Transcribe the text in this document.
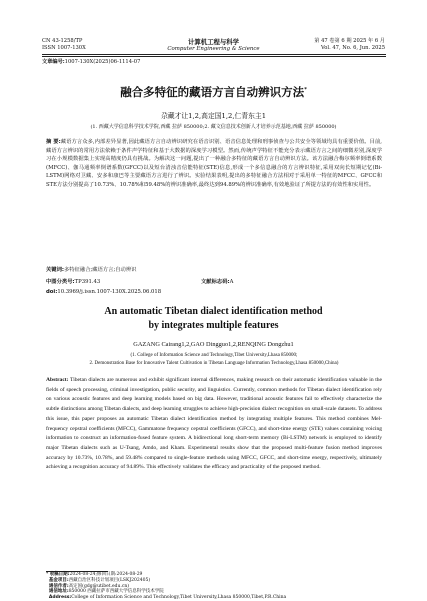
CN 43-1258/TP
ISSN 1007-130X
计算机工程与科学
Computer Engineering & Science
第 47 卷第 6 期 2025 年 6 月
Vol. 47, No. 6, Jun. 2025
文章编号:1007-130X(2025)06-1114-07
融合多特征的藏语方言自动辨识方法*
尕藏才让1,2,高定国1,2,仁青东主1
(1. 西藏大学信息科学技术学院,西藏 拉萨 850000;2. 藏文信息技术创新人才培养示范基地,西藏 拉萨 850000)
摘 要:藏语方言众多,内部差异显著,因此藏语方言自动辨识研究在语音识别、语音信息处理和刑事侦查与公共安全等领域均具有重要价值。目前,藏语方言辨识的常用方法依赖于条件声学特征和基于大数据的深度学习模型。然而,传统声学特征不能充分表示藏语方言之间的细微差别,深度学习在小规模数据集上实现高精度仍具有挑战。为解决这一问题,提出了一种融合多特征的藏语方言自动辨识方法。该方法融合梅尔频率倒谱系数(MFCC)、伽马通频率倒谱系数(GFCC)以及短台清浊音信能特征(STE)信息,形成一个多信息融合的方言辨识特征,采用双向长短期记忆(Bi-LSTM)网络对卫藏、安多和康巴等主要藏语方言进行了辨识。实验结果表明,提出的多特征融合方法相对于采用单一特征的MFCC、GFCC和STE方法分别提高了10.73%、10.78%和59.48%的辨识准确率,最终达到94.89%的辨识准确率,有效地验证了所提方法的有效性和实用性。
关键词:多特征融合;藏语方言;自动辨识
中图分类号:TP391.43	文献标志码:A
doi:10.3969/j.issn.1007-130X.2025.06.018
An automatic Tibetan dialect identification method
by integrates multiple features
GAZANG Cairang1,2,GAO Dingguo1,2,RENQING Dongzhu1
(1. College of Information Science and Technology,Tibet University,Lhasa 850000;
2. Demonstration Base for Innovative Talent Cultivation in Tibetan Language Information Technology,Lhasa 850000,China)
Abstract: Tibetan dialects are numerous and exhibit significant internal differences, making research on their automatic identification valuable in the fields of speech processing, criminal investigation, public security, and linguistics. Currently, common methods for Tibetan dialect identification rely on various acoustic features and deep learning models based on big data. However, traditional acoustic features fail to effectively characterize the subtle distinctions among Tibetan dialects, and deep learning struggles to achieve high-precision dialect recognition on small-scale datasets. To address this issue, this paper proposes an automatic Tibetan dialect identification method by integrating multiple features. This method combines Mel-frequency cepstral coefficients (MFCC), Gammatone frequency cepstral coefficients (GFCC), and short-time energy (STE) values containing voicing information to construct an information-fused feature system. A bidirectional long short-term memory (Bi-LSTM) network is employed to identify major Tibetan dialects such as U-Tsang, Amdo, and Kham. Experimental results show that the proposed multi-feature fusion method improves accuracy by 10.73%, 10.78%, and 59.48% compared to single-feature methods using MFCC, GFCC, and short-time energy, respectively, ultimately achieving a recognition accuracy of 94.89%. This effectively validates the efficacy and practicality of the proposed method.
* 收稿日期:2024-08-24;修回日期:2024-08-29
基金项目:西藏自治区科技计划项目(LSKJ202405)
通信作者:高定国(gdg@utibet.edu.cn)
通信地址:850000 西藏拉萨市西藏大学信息科学技术学院
Address:College of Information Science and Technology,Tibet University,Lhasa 850000,Tibet,P.R.China
